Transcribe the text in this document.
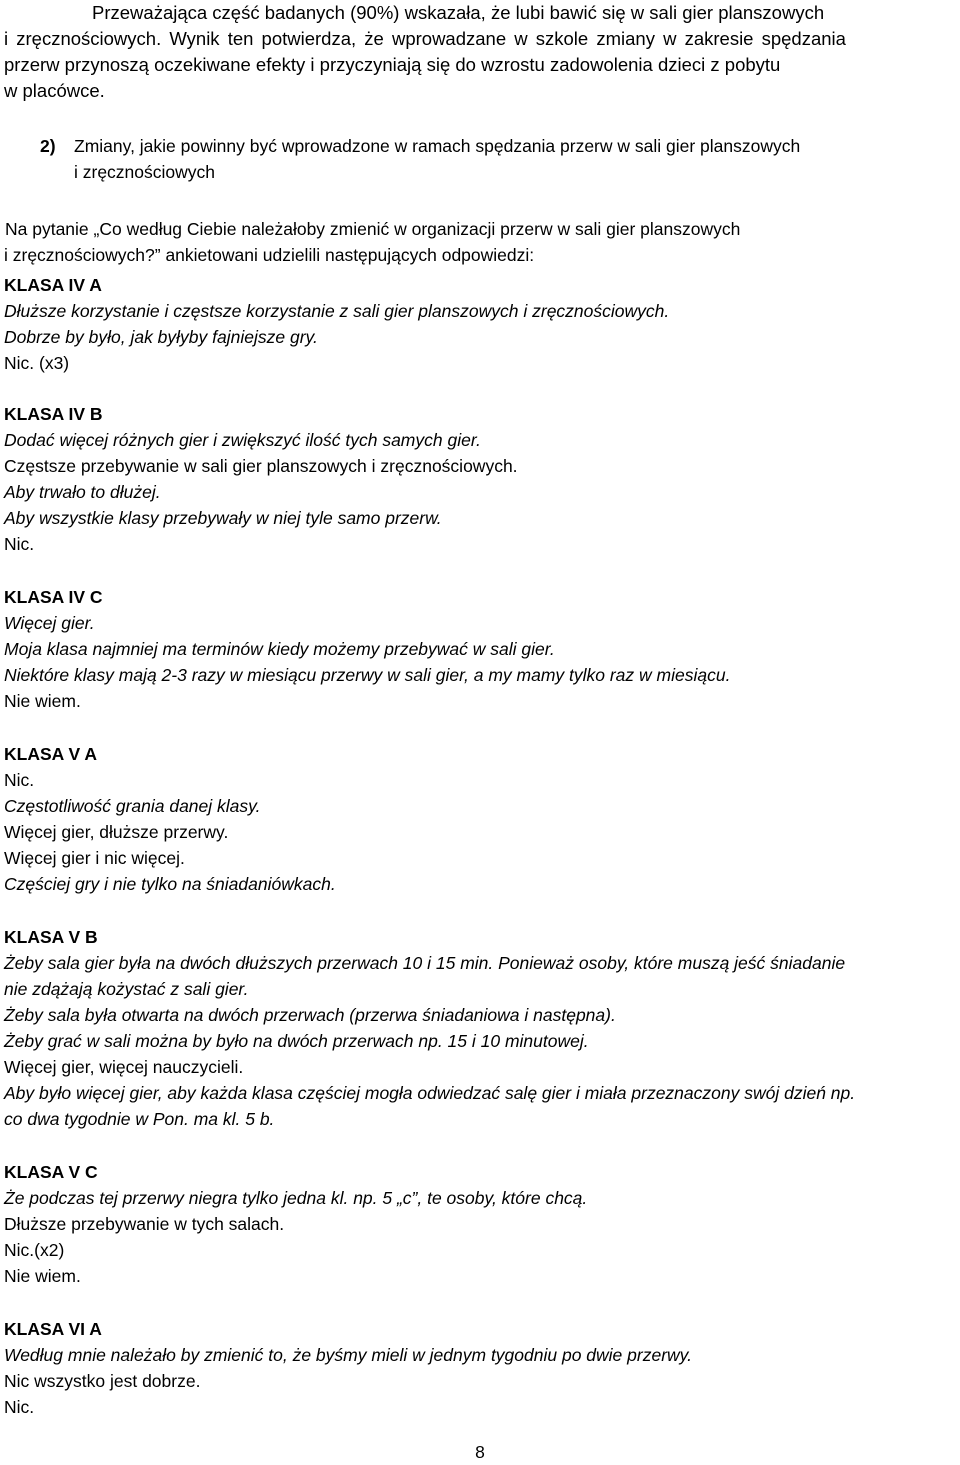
Przeważająca część badanych (90%) wskazała, że lubi bawić się w sali gier planszowych
i zręcznościowych. Wynik ten potwierdza, że wprowadzane w szkole zmiany w zakresie spędzania
przerw przynoszą oczekiwane efekty i przyczyniają się do wzrostu zadowolenia dzieci z pobytu
w placówce.
2) Zmiany, jakie powinny być wprowadzone w ramach spędzania przerw w sali gier planszowych
i zręcznościowych
Na pytanie „Co według Ciebie należałoby zmienić w organizacji przerw w sali gier planszowych
i zręcznościowych?” ankietowani udzielili następujących odpowiedzi:
KLASA IV A
Dłuższe korzystanie i częstsze korzystanie z sali gier planszowych i zręcznościowych.
Dobrze by było, jak byłyby fajniejsze gry.
Nic. (x3)
KLASA IV B
Dodać więcej różnych gier i zwiększyć ilość tych samych gier.
Częstsze przebywanie w sali gier planszowych i zręcznościowych.
Aby trwało to dłużej.
Aby wszystkie klasy przebywały w niej tyle samo przerw.
Nic.
KLASA IV C
Więcej gier.
Moja klasa najmniej ma terminów kiedy możemy przebywać w sali gier.
Niektóre klasy mają 2-3 razy w miesiącu przerwy w sali gier, a my mamy tylko raz w miesiącu.
Nie wiem.
KLASA V A
Nic.
Częstotliwość grania danej klasy.
Więcej gier, dłuższe przerwy.
Więcej gier i nic więcej.
Częściej gry i nie tylko na śniadaniówkach.
KLASA V B
Żeby sala gier była na dwóch dłuższych przerwach 10 i 15 min. Ponieważ osoby, które muszą jeść śniadanie
nie zdążają kożystać z sali gier.
Żeby sala była otwarta na dwóch przerwach (przerwa śniadaniowa i następna).
Żeby grać w sali można by było na dwóch przerwach np. 15 i 10 minutowej.
Więcej gier, więcej nauczycieli.
Aby było więcej gier, aby każda klasa częściej mogła odwiedzać salę gier i miała przeznaczony swój dzień np.
co dwa tygodnie w Pon. ma kl. 5 b.
KLASA V C
Że podczas tej przerwy niegra tylko jedna kl. np. 5 „c”, te osoby, które chcą.
Dłuższe przebywanie w tych salach.
Nic.(x2)
Nie wiem.
KLASA VI A
Według mnie należało by zmienić to, że byśmy mieli w jednym tygodniu po dwie przerwy.
Nic wszystko jest dobrze.
Nic.
8
